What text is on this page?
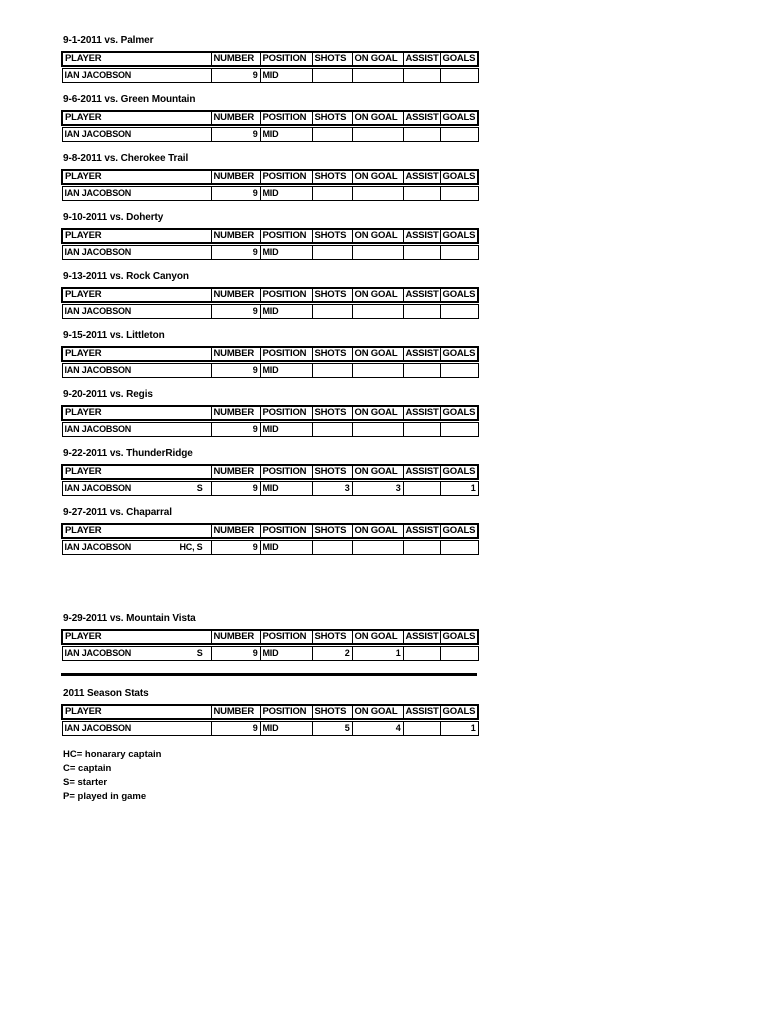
9-1-2011 vs. Palmer
PLAYER	NUMBER	POSITION	SHOTS	ON GOAL	ASSIST	GOALS

IAN JACOBSON	9	MID				
9-6-2011 vs. Green Mountain
PLAYER	NUMBER	POSITION	SHOTS	ON GOAL	ASSIST	GOALS

IAN JACOBSON	9	MID				
9-8-2011 vs. Cherokee Trail
PLAYER	NUMBER	POSITION	SHOTS	ON GOAL	ASSIST	GOALS

IAN JACOBSON	9	MID				
9-10-2011 vs. Doherty
PLAYER	NUMBER	POSITION	SHOTS	ON GOAL	ASSIST	GOALS

IAN JACOBSON	9	MID				
9-13-2011 vs. Rock Canyon
PLAYER	NUMBER	POSITION	SHOTS	ON GOAL	ASSIST	GOALS

IAN JACOBSON	9	MID				
9-15-2011 vs. Littleton
PLAYER	NUMBER	POSITION	SHOTS	ON GOAL	ASSIST	GOALS

IAN JACOBSON	9	MID				
9-20-2011 vs. Regis
PLAYER	NUMBER	POSITION	SHOTS	ON GOAL	ASSIST	GOALS

IAN JACOBSON	9	MID				
9-22-2011 vs. ThunderRidge
PLAYER	NUMBER	POSITION	SHOTS	ON GOAL	ASSIST	GOALS

IAN JACOBSON S	9	MID	3	3		1
9-27-2011 vs. Chaparral
PLAYER	NUMBER	POSITION	SHOTS	ON GOAL	ASSIST	GOALS

IAN JACOBSON HC, S	9	MID				
9-29-2011 vs. Mountain Vista
PLAYER	NUMBER	POSITION	SHOTS	ON GOAL	ASSIST	GOALS

IAN JACOBSON S	9	MID	2	1		
2011 Season Stats
PLAYER	NUMBER	POSITION	SHOTS	ON GOAL	ASSIST	GOALS

IAN JACOBSON	9	MID	5	4		1
HC= honarary captain
C= captain
S= starter
P= played in game
